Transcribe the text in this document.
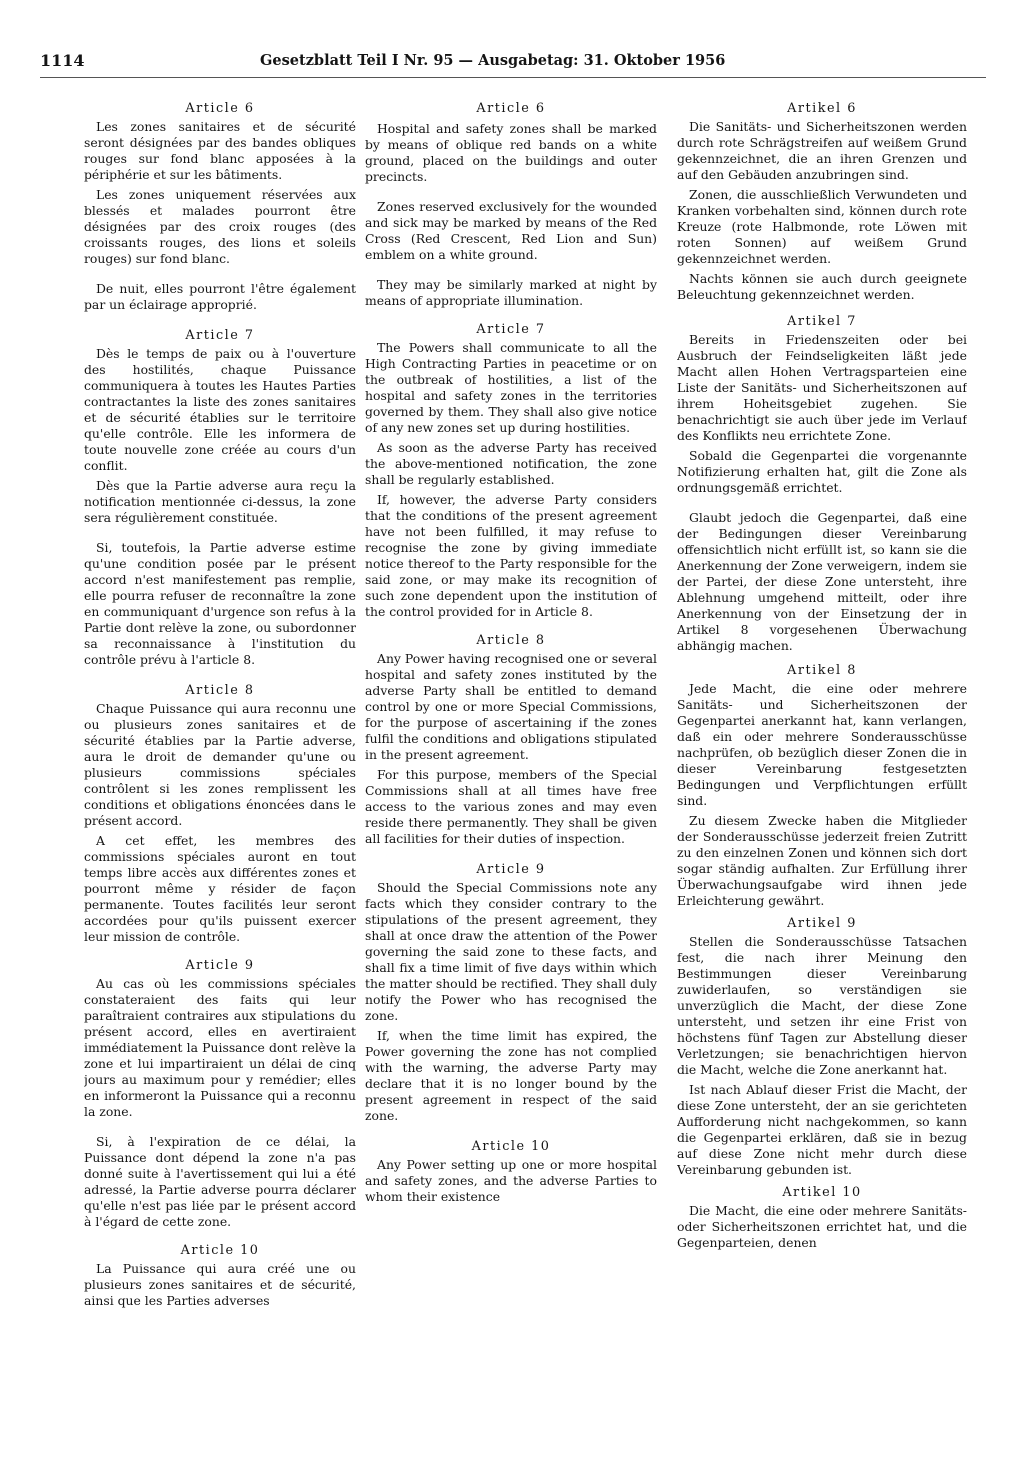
1114	Gesetzblatt Teil I Nr. 95 — Ausgabetag: 31. Oktober 1956
Article 6

Les zones sanitaires et de sécurité seront désignées par des bandes obliques rouges sur fond blanc apposées à la périphérie et sur les bâtiments.

Les zones uniquement réservées aux blessés et malades pourront être désignées par des croix rouges (des croissants rouges, des lions et soleils rouges) sur fond blanc.

De nuit, elles pourront l'être également par un éclairage approprié.

Article 7

Dès le temps de paix ou à l'ouverture des hostilités, chaque Puissance communiquera à toutes les Hautes Parties contractantes la liste des zones sanitaires et de sécurité établies sur le territoire qu'elle contrôle. Elle les informera de toute nouvelle zone créée au cours d'un conflit.

Dès que la Partie adverse aura reçu la notification mentionnée ci-dessus, la zone sera régulièrement constituée.

Si, toutefois, la Partie adverse estime qu'une condition posée par le présent accord n'est manifestement pas remplie, elle pourra refuser de reconnaître la zone en communiquant d'urgence son refus à la Partie dont relève la zone, ou subordonner sa reconnaissance à l'institution du contrôle prévu à l'article 8.

Article 8

Chaque Puissance qui aura reconnu une ou plusieurs zones sanitaires et de sécurité établies par la Partie adverse, aura le droit de demander qu'une ou plusieurs commissions spéciales contrôlent si les zones remplissent les conditions et obligations énoncées dans le présent accord.

A cet effet, les membres des commissions spéciales auront en tout temps libre accès aux différentes zones et pourront même y résider de façon permanente. Toutes facilités leur seront accordées pour qu'ils puissent exercer leur mission de contrôle.

Article 9

Au cas où les commissions spéciales constateraient des faits qui leur paraîtraient contraires aux stipulations du présent accord, elles en avertiraient immédiatement la Puissance dont relève la zone et lui impartiraient un délai de cinq jours au maximum pour y remédier; elles en informeront la Puissance qui a reconnu la zone.

Si, à l'expiration de ce délai, la Puissance dont dépend la zone n'a pas donné suite à l'avertissement qui lui a été adressé, la Partie adverse pourra déclarer qu'elle n'est pas liée par le présent accord à l'égard de cette zone.

Article 10

La Puissance qui aura créé une ou plusieurs zones sanitaires et de sécurité, ainsi que les Parties adverses

Article 6

Hospital and safety zones shall be marked by means of oblique red bands on a white ground, placed on the buildings and outer precincts.

Zones reserved exclusively for the wounded and sick may be marked by means of the Red Cross (Red Crescent, Red Lion and Sun) emblem on a white ground.

They may be similarly marked at night by means of appropriate illumination.

Article 7

The Powers shall communicate to all the High Contracting Parties in peacetime or on the outbreak of hostilities, a list of the hospital and safety zones in the territories governed by them. They shall also give notice of any new zones set up during hostilities.

As soon as the adverse Party has received the above-mentioned notification, the zone shall be regularly established.

If, however, the adverse Party considers that the conditions of the present agreement have not been fulfilled, it may refuse to recognise the zone by giving immediate notice thereof to the Party responsible for the said zone, or may make its recognition of such zone dependent upon the institution of the control provided for in Article 8.

Article 8

Any Power having recognised one or several hospital and safety zones instituted by the adverse Party shall be entitled to demand control by one or more Special Commissions, for the purpose of ascertaining if the zones fulfil the conditions and obligations stipulated in the present agreement.

For this purpose, members of the Special Commissions shall at all times have free access to the various zones and may even reside there permanently. They shall be given all facilities for their duties of inspection.

Article 9

Should the Special Commissions note any facts which they consider contrary to the stipulations of the present agreement, they shall at once draw the attention of the Power governing the said zone to these facts, and shall fix a time limit of five days within which the matter should be rectified. They shall duly notify the Power who has recognised the zone.

If, when the time limit has expired, the Power governing the zone has not complied with the warning, the adverse Party may declare that it is no longer bound by the present agreement in respect of the said zone.

Article 10

Any Power setting up one or more hospital and safety zones, and the adverse Parties to whom their existence

Artikel 6

Die Sanitäts- und Sicherheitszonen werden durch rote Schrägstreifen auf weißem Grund gekennzeichnet, die an ihren Grenzen und auf den Gebäuden anzubringen sind.

Zonen, die ausschließlich Verwundeten und Kranken vorbehalten sind, können durch rote Kreuze (rote Halbmonde, rote Löwen mit roten Sonnen) auf weißem Grund gekennzeichnet werden.

Nachts können sie auch durch geeignete Beleuchtung gekennzeichnet werden.

Artikel 7

Bereits in Friedenszeiten oder bei Ausbruch der Feindseligkeiten läßt jede Macht allen Hohen Vertragsparteien eine Liste der Sanitäts- und Sicherheitszonen auf ihrem Hoheitsgebiet zugehen. Sie benachrichtigt sie auch über jede im Verlauf des Konflikts neu errichtete Zone.

Sobald die Gegenpartei die vorgenannte Notifizierung erhalten hat, gilt die Zone als ordnungsgemäß errichtet.

Glaubt jedoch die Gegenpartei, daß eine der Bedingungen dieser Vereinbarung offensichtlich nicht erfüllt ist, so kann sie die Anerkennung der Zone verweigern, indem sie der Partei, der diese Zone untersteht, ihre Ablehnung umgehend mitteilt, oder ihre Anerkennung von der Einsetzung der in Artikel 8 vorgesehenen Überwachung abhängig machen.

Artikel 8

Jede Macht, die eine oder mehrere Sanitäts- und Sicherheitszonen der Gegenpartei anerkannt hat, kann verlangen, daß ein oder mehrere Sonderausschüsse nachprüfen, ob bezüglich dieser Zonen die in dieser Vereinbarung festgesetzten Bedingungen und Verpflichtungen erfüllt sind.

Zu diesem Zwecke haben die Mitglieder der Sonderausschüsse jederzeit freien Zutritt zu den einzelnen Zonen und können sich dort sogar ständig aufhalten. Zur Erfüllung ihrer Überwachungsaufgabe wird ihnen jede Erleichterung gewährt.

Artikel 9

Stellen die Sonderausschüsse Tatsachen fest, die nach ihrer Meinung den Bestimmungen dieser Vereinbarung zuwiderlaufen, so verständigen sie unverzüglich die Macht, der diese Zone untersteht, und setzen ihr eine Frist von höchstens fünf Tagen zur Abstellung dieser Verletzungen; sie benachrichtigen hiervon die Macht, welche die Zone anerkannt hat.

Ist nach Ablauf dieser Frist die Macht, der diese Zone untersteht, der an sie gerichteten Aufforderung nicht nachgekommen, so kann die Gegenpartei erklären, daß sie in bezug auf diese Zone nicht mehr durch diese Vereinbarung gebunden ist.

Artikel 10

Die Macht, die eine oder mehrere Sanitäts- oder Sicherheitszonen errichtet hat, und die Gegenparteien, denen
